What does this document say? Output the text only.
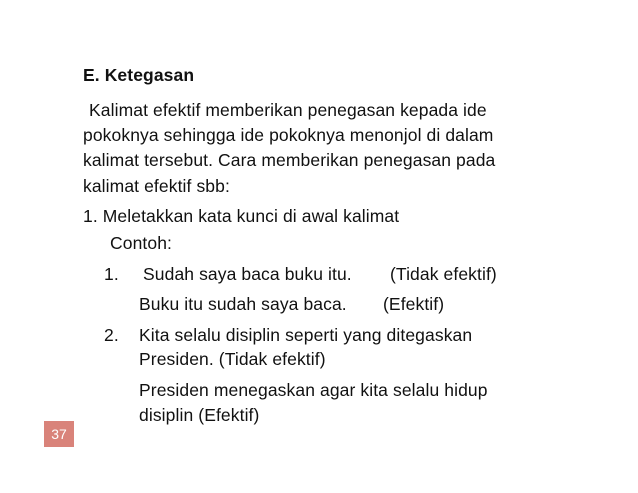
E. Ketegasan
Kalimat efektif memberikan penegasan kepada ide
pokoknya sehingga ide pokoknya menonjol di dalam
kalimat tersebut. Cara memberikan penegasan pada
kalimat efektif sbb:
1. Meletakkan kata kunci di awal kalimat
Contoh:
1. Sudah saya baca buku itu. (Tidak efektif)
Buku itu sudah saya baca. (Efektif)
2. Kita selalu disiplin seperti yang ditegaskan
Presiden. (Tidak efektif)
Presiden menegaskan agar kita selalu hidup
disiplin (Efektif)
37
